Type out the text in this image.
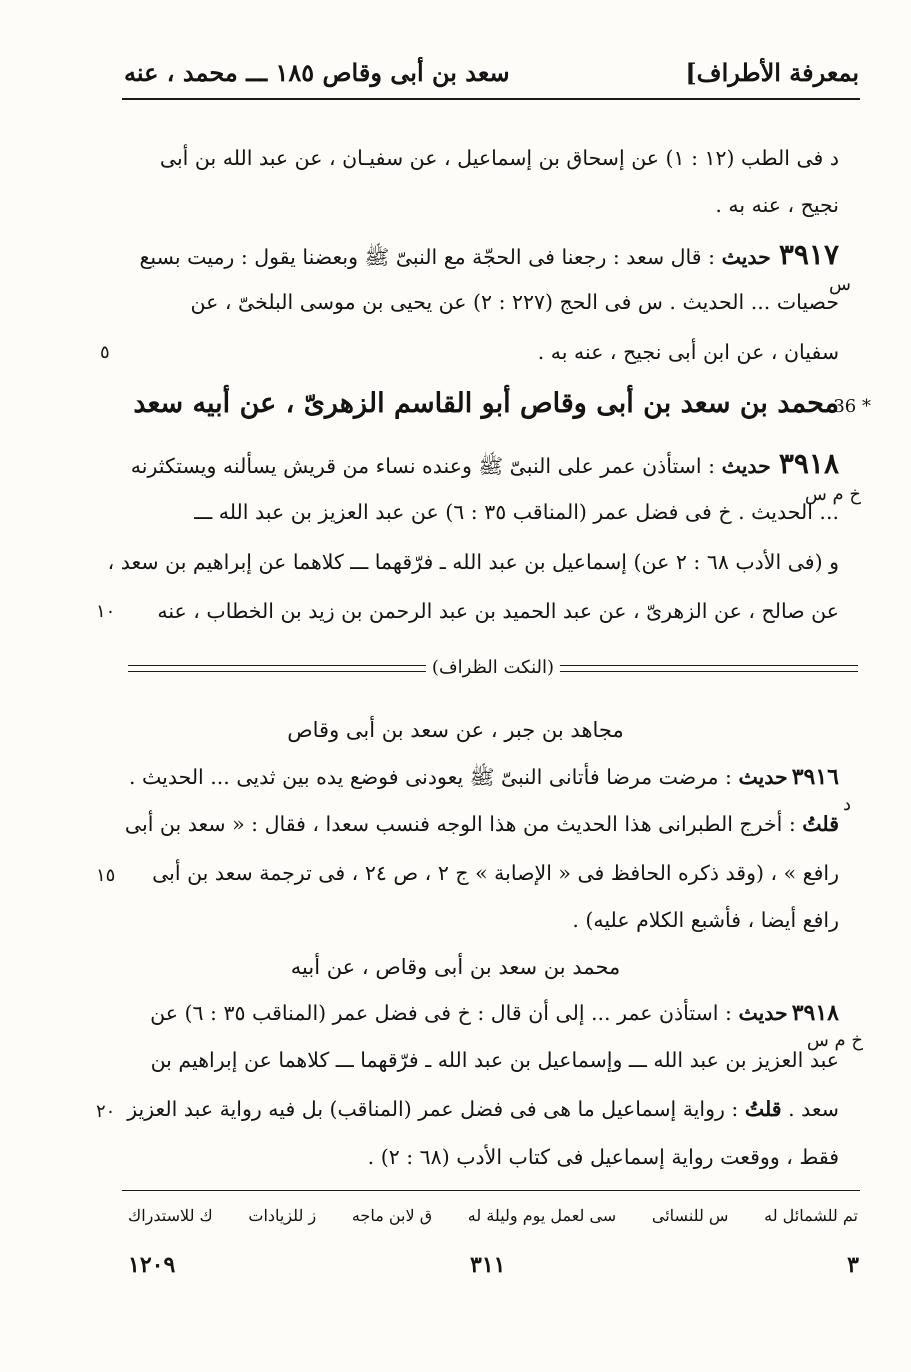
بمعرفة الأطراف]
سعد بن أبى وقاص ١٨٥ ـــ محمد ، عنه
د فى الطب (١٢ : ١) عن إسحاق بن إسماعيل ، عن سفيـان ، عن عبد الله بن أبى
نجيح ، عنه به .
٣٩١٧حديث : قال سعد : رجعنا فى الحجّة مع النبىّ ﷺ وبعضنا يقول : رميت بسبع
س
حصيات ... الحديث . س فى الحج (٢٢٧ : ٢) عن يحيى بن موسى البلخىّ ، عن
سفيان ، عن ابن أبى نجيح ، عنه به .
٥
محمد بن سعد بن أبى وقاص أبو القاسم الزهرىّ ، عن أبيه سعد
36 *
٣٩١٨حديث : استأذن عمر على النبىّ ﷺ وعنده نساء من قريش يسألنه ويستكثرنه
خ م س
... الحديث . خ فى فضل عمر (المناقب ٣٥ : ٦) عن عبد العزيز بن عبد الله ـــ
و (فى الأدب ٦٨ : ٢ عن) إسماعيل بن عبد الله ـ فرّقهما ـــ كلاهما عن إبراهيم بن سعد ،
عن صالح ، عن الزهرىّ ، عن عبد الحميد بن عبد الرحمن بن زيد بن الخطاب ، عنه
١٠
(النكت الظراف)
مجاهد بن جبر ، عن سعد بن أبى وقاص
٣٩١٦حديث : مرضت مرضا فأتانى النبىّ ﷺ يعودنى فوضع يده بين ثديى ... الحديث .
د
قلتُ : أخرج الطبرانى هذا الحديث من هذا الوجه فنسب سعدا ، فقال : « سعد بن أبى
رافع » ، (وقد ذكره الحافظ فى « الإصابة » ج ٢ ، ص ٢٤ ، فى ترجمة سعد بن أبى
١٥
رافع أيضا ، فأشبع الكلام عليه) .
محمد بن سعد بن أبى وقاص ، عن أبيه
٣٩١٨حديث : استأذن عمر ... إلى أن قال : خ فى فضل عمر (المناقب ٣٥ : ٦) عن
خ م س
عبد العزيز بن عبد الله ـــ وإسماعيل بن عبد الله ـ فرّقهما ـــ كلاهما عن إبراهيم بن
سعد . قلتُ : رواية إسماعيل ما هى فى فضل عمر (المناقب) بل فيه رواية عبد العزيز
٢٠
فقط ، ووقعت رواية إسماعيل فى كتاب الأدب (٦٨ : ٢) .
تم للشمائل له
س للنسائى
سى لعمل يوم وليلة له
ق لابن ماجه
ز للزيادات
ك للاستدراك
٣
٣١١
١٢٠٩
